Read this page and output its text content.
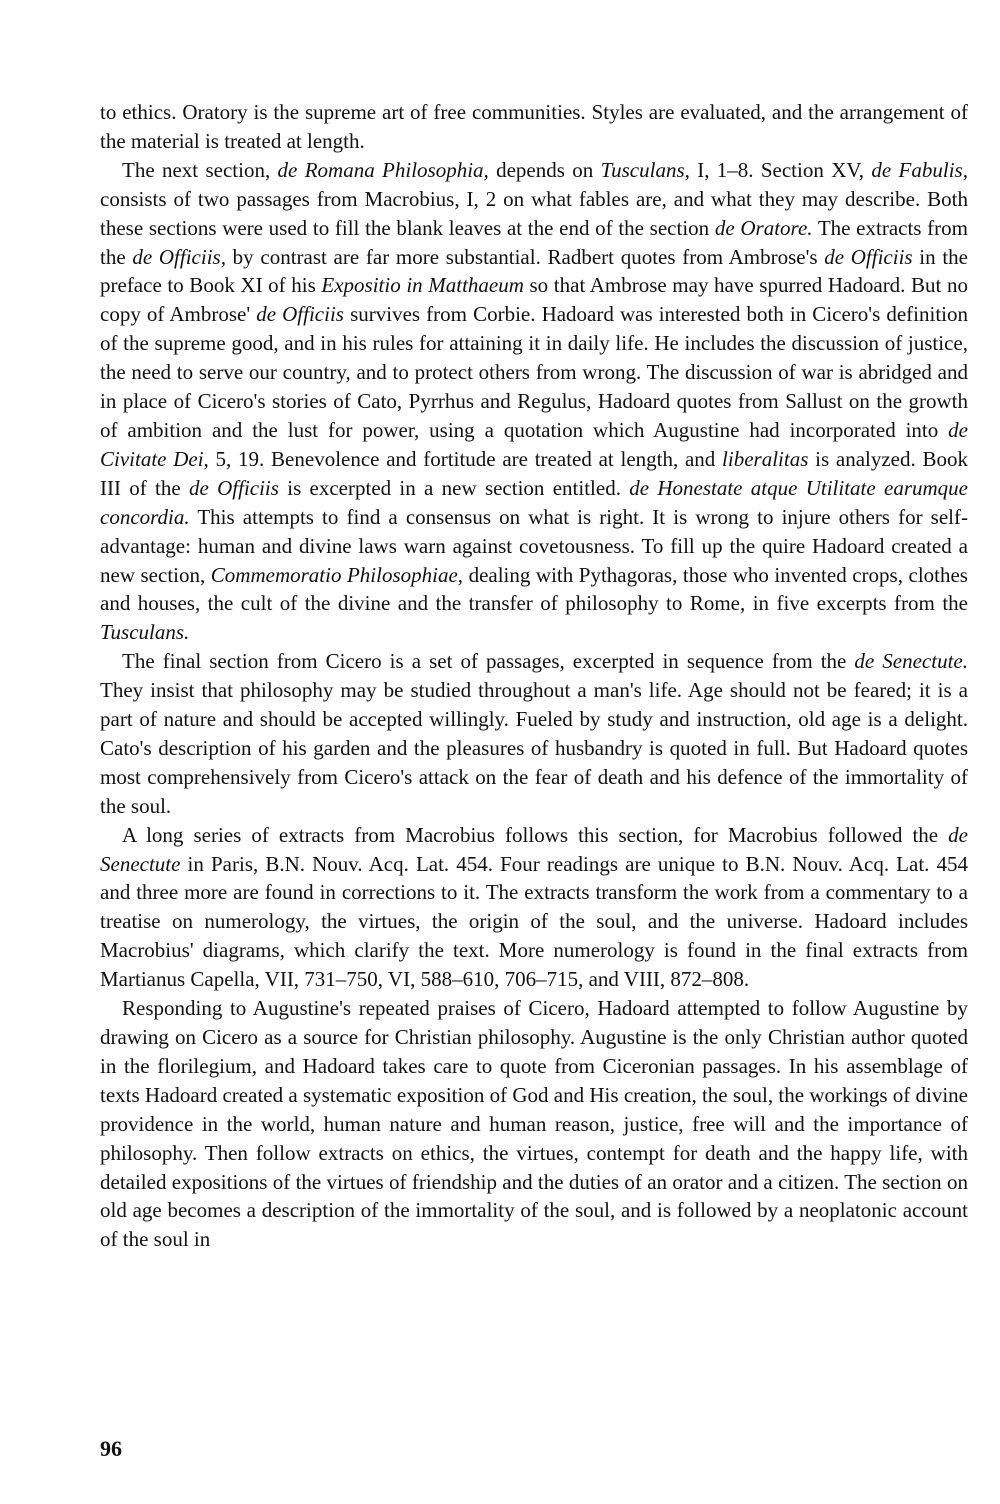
to ethics. Oratory is the supreme art of free communities. Styles are evaluated, and the arrangement of the material is treated at length.

The next section, de Romana Philosophia, depends on Tusculans, I, 1–8. Section XV, de Fabulis, consists of two passages from Macrobius, I, 2 on what fables are, and what they may describe. Both these sections were used to fill the blank leaves at the end of the section de Oratore. The extracts from the de Officiis, by contrast are far more substantial. Radbert quotes from Ambrose's de Officiis in the preface to Book XI of his Expositio in Matthaeum so that Ambrose may have spurred Hadoard. But no copy of Ambrose' de Officiis survives from Corbie. Hadoard was interested both in Cicero's definition of the supreme good, and in his rules for attaining it in daily life. He includes the discussion of justice, the need to serve our country, and to protect others from wrong. The discussion of war is abridged and in place of Cicero's stories of Cato, Pyrrhus and Regulus, Hadoard quotes from Sallust on the growth of ambition and the lust for power, using a quotation which Augustine had incorporated into de Civitate Dei, 5, 19. Benevolence and fortitude are treated at length, and liberalitas is analyzed. Book III of the de Officiis is excerpted in a new section entitled. de Honestate atque Utilitate earumque concordia. This attempts to find a consensus on what is right. It is wrong to injure others for self-advantage: human and divine laws warn against covetousness. To fill up the quire Hadoard created a new section, Commemoratio Philosophiae, dealing with Pythagoras, those who invented crops, clothes and houses, the cult of the divine and the transfer of philosophy to Rome, in five excerpts from the Tusculans.

The final section from Cicero is a set of passages, excerpted in sequence from the de Senectute. They insist that philosophy may be studied throughout a man's life. Age should not be feared; it is a part of nature and should be accepted willingly. Fueled by study and instruction, old age is a delight. Cato's description of his garden and the pleasures of husbandry is quoted in full. But Hadoard quotes most comprehensively from Cicero's attack on the fear of death and his defence of the immortality of the soul.

A long series of extracts from Macrobius follows this section, for Macrobius followed the de Senectute in Paris, B.N. Nouv. Acq. Lat. 454. Four readings are unique to B.N. Nouv. Acq. Lat. 454 and three more are found in corrections to it. The extracts transform the work from a commentary to a treatise on numerology, the virtues, the origin of the soul, and the universe. Hadoard includes Macrobius' diagrams, which clarify the text. More numerology is found in the final extracts from Martianus Capella, VII, 731–750, VI, 588–610, 706–715, and VIII, 872–808.

Responding to Augustine's repeated praises of Cicero, Hadoard attempted to follow Augustine by drawing on Cicero as a source for Christian philosophy. Augustine is the only Christian author quoted in the florilegium, and Hadoard takes care to quote from Ciceronian passages. In his assemblage of texts Hadoard created a systematic exposition of God and His creation, the soul, the workings of divine providence in the world, human nature and human reason, justice, free will and the importance of philosophy. Then follow extracts on ethics, the virtues, contempt for death and the happy life, with detailed expositions of the virtues of friendship and the duties of an orator and a citizen. The section on old age becomes a description of the immortality of the soul, and is followed by a neoplatonic account of the soul in

96
